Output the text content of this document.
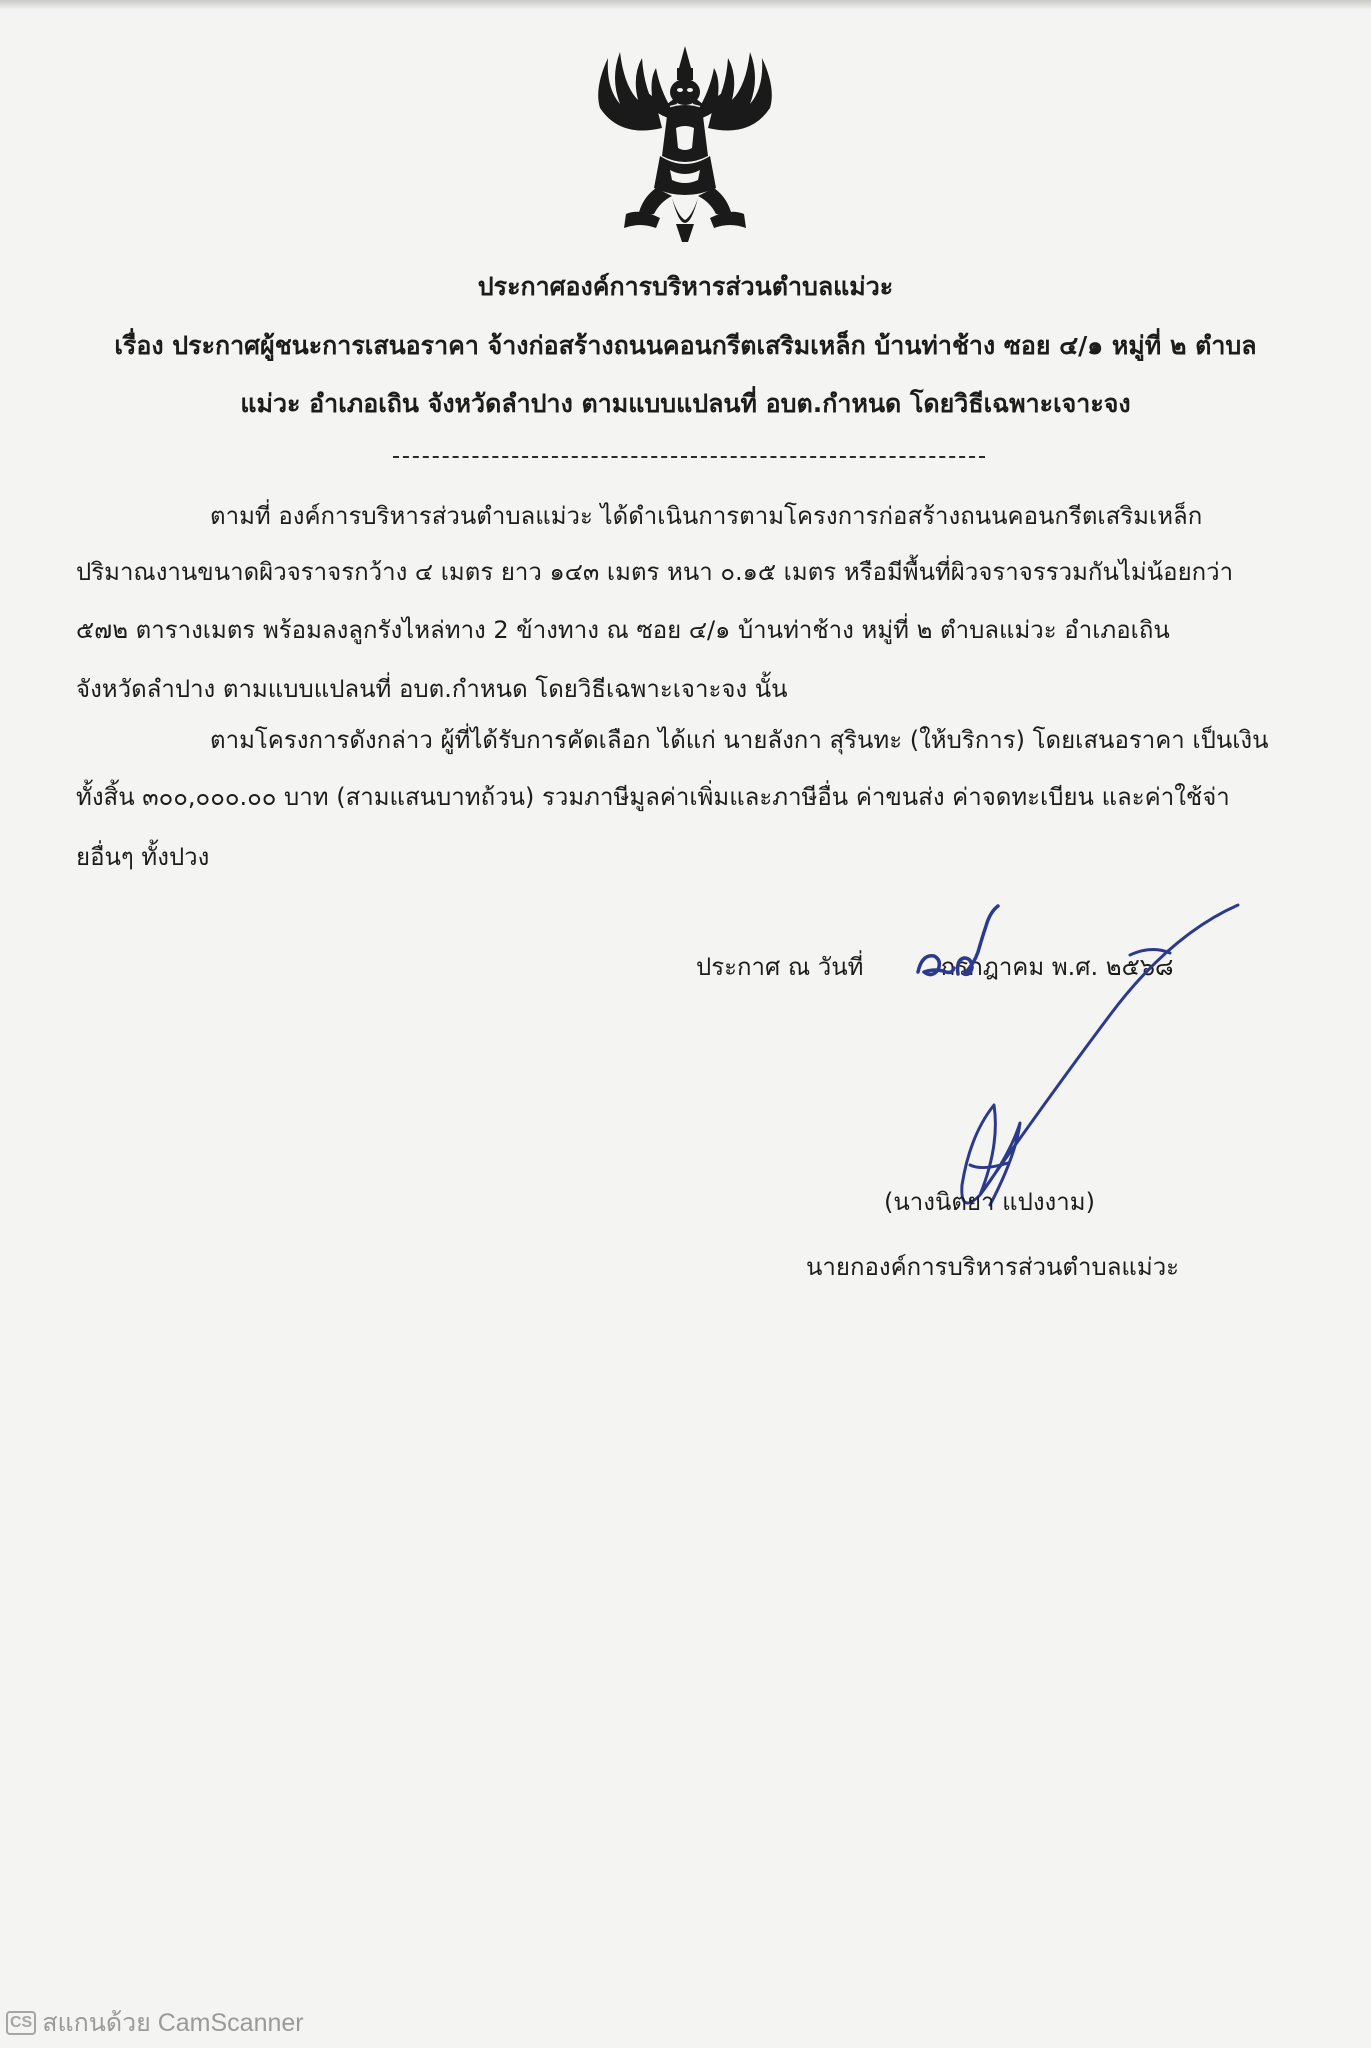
ประกาศองค์การบริหารส่วนตำบลแม่วะ
เรื่อง ประกาศผู้ชนะการเสนอราคา จ้างก่อสร้างถนนคอนกรีตเสริมเหล็ก บ้านท่าช้าง ซอย ๔/๑ หมู่ที่ ๒ ตำบล
แม่วะ อำเภอเถิน จังหวัดลำปาง ตามแบบแปลนที่ อบต.กำหนด โดยวิธีเฉพาะเจาะจง
ตามที่ องค์การบริหารส่วนตำบลแม่วะ ได้ดำเนินการตามโครงการก่อสร้างถนนคอนกรีตเสริมเหล็ก
ปริมาณงานขนาดผิวจราจรกว้าง ๔ เมตร ยาว ๑๔๓ เมตร หนา ๐.๑๕ เมตร หรือมีพื้นที่ผิวจราจรรวมกันไม่น้อยกว่า
๕๗๒ ตารางเมตร พร้อมลงลูกรังไหล่ทาง 2 ข้างทาง ณ ซอย ๔/๑ บ้านท่าช้าง หมู่ที่ ๒ ตำบลแม่วะ อำเภอเถิน
จังหวัดลำปาง ตามแบบแปลนที่ อบต.กำหนด โดยวิธีเฉพาะเจาะจง นั้น
ตามโครงการดังกล่าว ผู้ที่ได้รับการคัดเลือก ได้แก่ นายลังกา สุรินทะ (ให้บริการ) โดยเสนอราคา เป็นเงิน
ทั้งสิ้น ๓๐๐,๐๐๐.๐๐ บาท (สามแสนบาทถ้วน) รวมภาษีมูลค่าเพิ่มและภาษีอื่น ค่าขนส่ง ค่าจดทะเบียน และค่าใช้จ่า
ยอื่นๆ ทั้งปวง
ประกาศ ณ วันที่	กรกฎาคม พ.ศ. ๒๕๖๘
(นางนิตยา แปงงาม)
นายกองค์การบริหารส่วนตำบลแม่วะ
CS สแกนด้วย CamScanner
